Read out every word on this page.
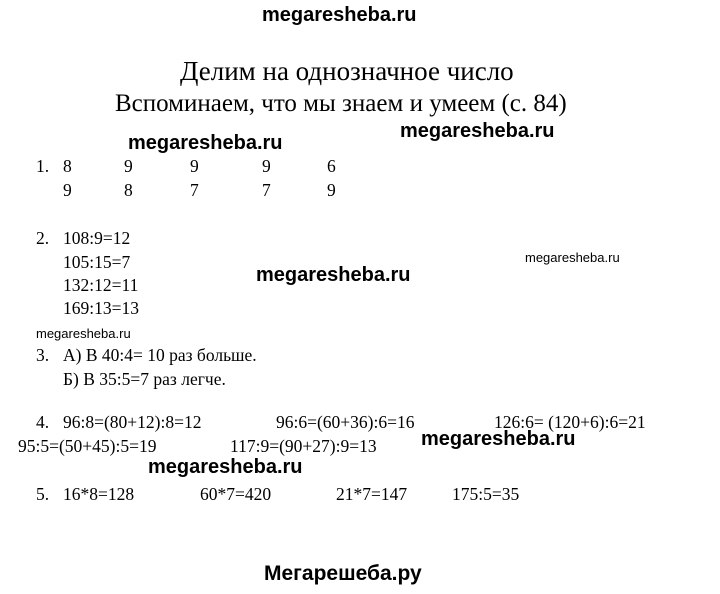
megaresheba.ru
megaresheba.ru
megaresheba.ru
megaresheba.ru
megaresheba.ru
megaresheba.ru
megaresheba.ru
megaresheba.ru
Мегарешеба.ру
Делим на однозначное число
Вспоминаем, что мы знаем и умеем (с. 84)
1. 8	9	9	9	6
9	8	7	7	9
2. 108:9=12
105:15=7
132:12=11
169:13=13
3. А) В 40:4= 10 раз больше.
Б) В 35:5=7 раз легче.
4. 96:8=(80+12):8=12	96:6=(60+36):6=16	126:6= (120+6):6=21
95:5=(50+45):5=19	117:9=(90+27):9=13
5. 16*8=128	60*7=420	21*7=147	175:5=35
